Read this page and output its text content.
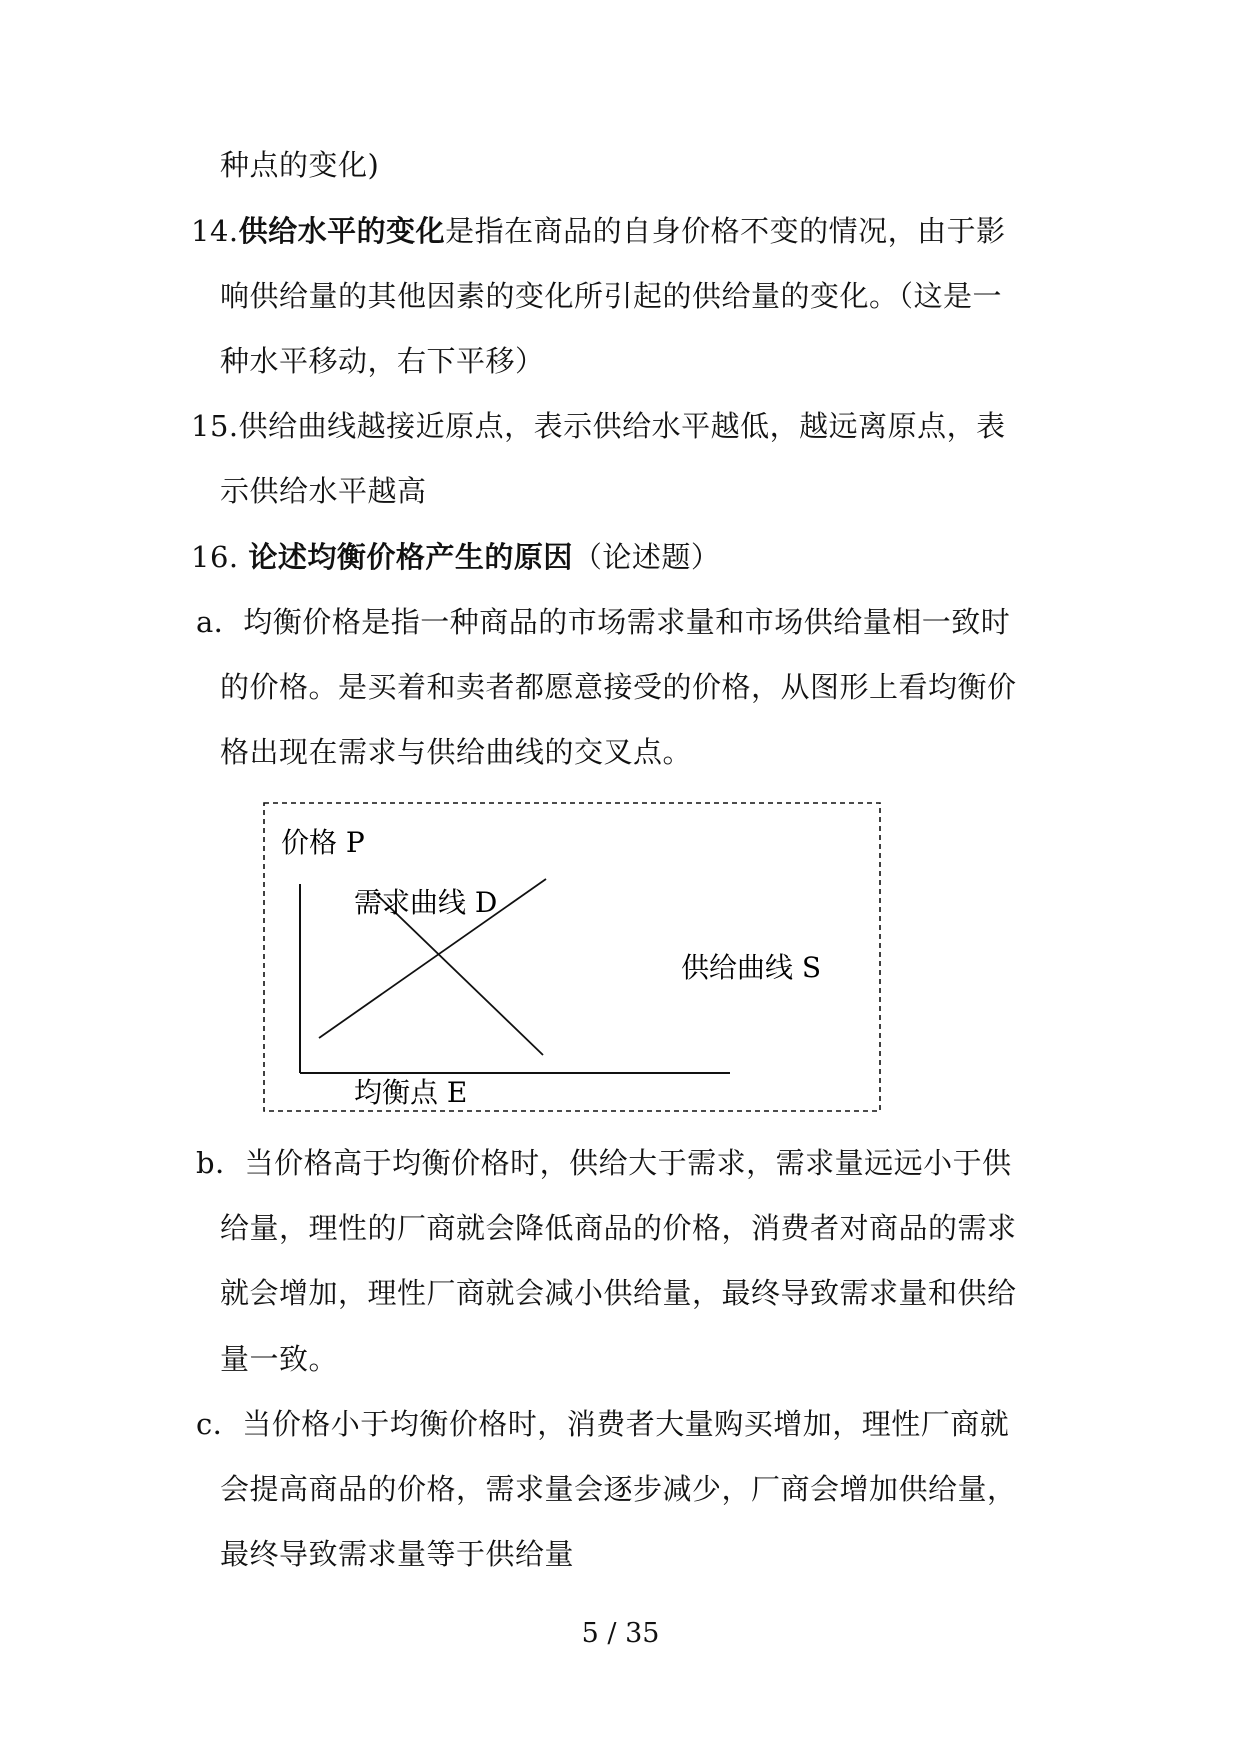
种点的变化)
14.供给水平的变化是指在商品的自身价格不变的情况，由于影
响供给量的其他因素的变化所引起的供给量的变化。（这是一
种水平移动，右下平移）
15.供给曲线越接近原点，表示供给水平越低，越远离原点，表
示供给水平越高
16. 论述均衡价格产生的原因（论述题）
a．均衡价格是指一种商品的市场需求量和市场供给量相一致时
的价格。是买着和卖者都愿意接受的价格，从图形上看均衡价
格出现在需求与供给曲线的交叉点。
价格 P
需求曲线 D
供给曲线 S
均衡点 E
b．当价格高于均衡价格时，供给大于需求，需求量远远小于供
给量，理性的厂商就会降低商品的价格，消费者对商品的需求
就会增加，理性厂商就会减小供给量，最终导致需求量和供给
量一致。
c．当价格小于均衡价格时，消费者大量购买增加，理性厂商就
会提高商品的价格，需求量会逐步减少，厂商会增加供给量，
最终导致需求量等于供给量
5 / 35
